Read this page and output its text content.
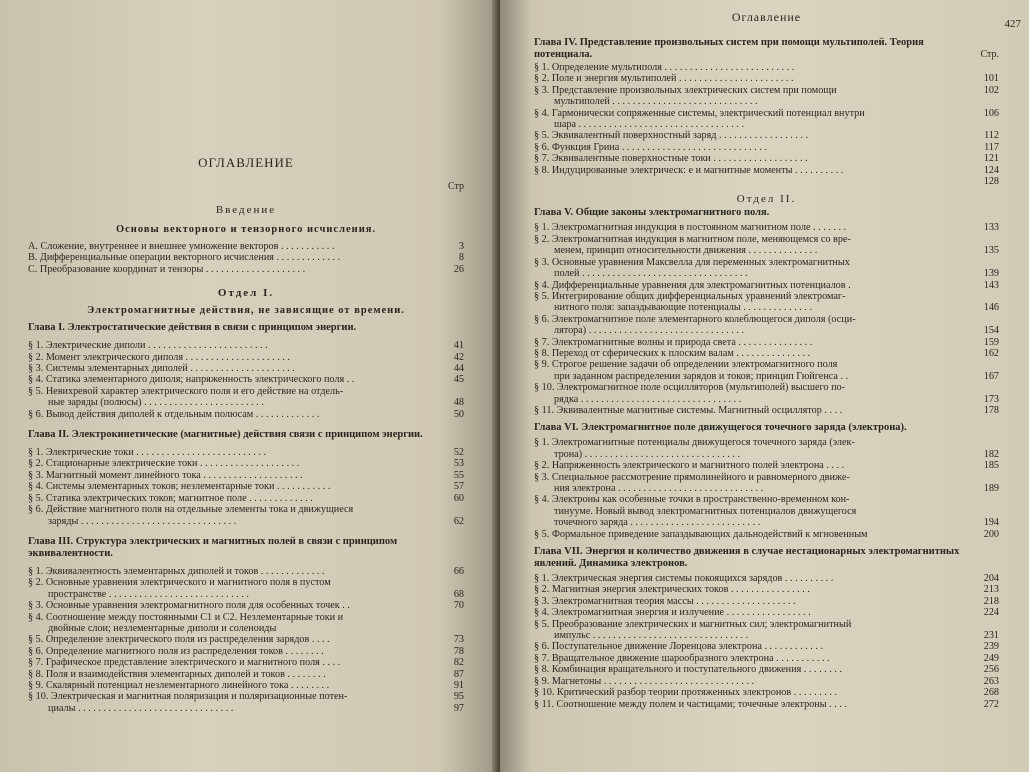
ОГЛАВЛЕНИЕ
Стр
Введение
Основы векторного и тензорного исчисления.
A. Сложение, внутреннее и внешнее умножение векторов . . . . . . . . . . .	3
B. Дифференциальные операции векторного исчисления . . . . . . . . . . . . .	8
C. Преобразование координат и тензоры . . . . . . . . . . . . . . . . . . . .	26
Отдел I.
Электромагнитные действия, не зависящие от времени.
Глава I. Электростатические действия в связи с принципом энергии.
§ 1. Электрические диполи . . . . . . . . . . . . . . . . . . . . . . . .	41
§ 2. Момент электрического диполя . . . . . . . . . . . . . . . . . . . . .	42
§ 3. Системы элементарных диполей . . . . . . . . . . . . . . . . . . . . .	44
§ 4. Статика элементарного диполя; напряженность электрического поля . .	45
§ 5. Невихревой характер электрического поля и его действие на отдель-
ные заряды (полюсы) . . . . . . . . . . . . . . . . . . . . . . . .	48
§ 6. Вывод действия диполей к отдельным полюсам . . . . . . . . . . . . .	50
Глава II. Электрокинетические (магнитные) действия связи с принципом энергии.
§ 1. Электрические токи . . . . . . . . . . . . . . . . . . . . . . . . . .	52
§ 2. Стационарные электрические токи . . . . . . . . . . . . . . . . . . . .	53
§ 3. Магнитный момент линейного тока . . . . . . . . . . . . . . . . . . . .	55
§ 4. Системы элементарных токов; незлементарные токи . . . . . . . . . . .	57
§ 5. Статика электрических токов; магнитное поле . . . . . . . . . . . . .	60
§ 6. Действие магнитного поля на отдельные элементы тока и движущиеся
заряды . . . . . . . . . . . . . . . . . . . . . . . . . . . . . . .	62
Глава III. Структура электрических и магнитных полей в связи с принципом эквивалентности.
§ 1. Эквивалентность элементарных диполей и токов . . . . . . . . . . . . .	66
§ 2. Основные уравнения электрического и магнитного поля в пустом
пространстве . . . . . . . . . . . . . . . . . . . . . . . . . . . .	68
§ 3. Основные уравнения электромагнитного поля для особенных точек . .	70
§ 4. Соотношение между постоянными C1 и C2. Незлементарные токи и
двойные слои; незлементарные диполи и соленоиды
§ 5. Определение электрического поля из распределения зарядов . . . .	73
§ 6. Определение магнитного поля из распределения токов . . . . . . . .	78
§ 7. Графическое представление электрического и магнитного поля . . . .	82
§ 8. Поля и взаимодействия элементарных диполей и токов . . . . . . . .	87
§ 9. Скалярный потенциал незлементарного линейного тока . . . . . . . .	91
§ 10. Электрическая и магнитная поляризация и поляризационные потен-	95
циалы . . . . . . . . . . . . . . . . . . . . . . . . . . . . . . .	97
Оглавление	427
Глава IV. Представление произвольных систем при помощи мультиполей. Теория потенциала.	Стр.
§ 1. Определение мультиполя . . . . . . . . . . . . . . . . . . . . . . . . . .
§ 2. Поле и энергия мультиполей . . . . . . . . . . . . . . . . . . . . . . .	101
§ 3. Представление произвольных электрических систем при помощи	102
мультиполей . . . . . . . . . . . . . . . . . . . . . . . . . . . . .
§ 4. Гармонически сопряженные системы, электрический потенциал внутри	106
шара . . . . . . . . . . . . . . . . . . . . . . . . . . . . . . . . .
§ 5. Эквивалентный поверхностный заряд . . . . . . . . . . . . . . . . . .	112
§ 6. Функция Грина . . . . . . . . . . . . . . . . . . . . . . . . . . . . .	117
§ 7. Эквивалентные поверхностные токи . . . . . . . . . . . . . . . . . . .	121
§ 8. Индуцированные электрическ: е и магнитные моменты . . . . . . . . . .	124
128
Отдел II.
Глава V. Общие законы электромагнитного поля.
§ 1. Электромагнитная индукция в постоянном магнитном поле . . . . . . .	133
§ 2. Электромагнитная индукция в магнитном поле, меняющемся со вре-
менем, принцип относительности движения . . . . . . . . . . . . . .	135
§ 3. Основные уравнения Максвелла для переменных электромагнитных
полей . . . . . . . . . . . . . . . . . . . . . . . . . . . . . . . . .	139
§ 4. Дифференциальные уравнения для электромагнитных потенциалов .	143
§ 5. Интегрирование общих дифференциальных уравнений электромаг-
нитного поля: запаздывающие потенциалы . . . . . . . . . . . . . .	146
§ 6. Электромагнитное поле элементарного колеблющегося диполя (осци-
лятора) . . . . . . . . . . . . . . . . . . . . . . . . . . . . . . .	154
§ 7. Электромагнитные волны и природа света . . . . . . . . . . . . . . .	159
§ 8. Переход от сферических к плоским валам . . . . . . . . . . . . . . .	162
§ 9. Строгое решение задачи об определении электромагнитного поля
при заданном распределении зарядов и токов; принцип Гюйгенса . .	167
§ 10. Электромагнитное поле осцилляторов (мультиполей) высшего по-
рядка . . . . . . . . . . . . . . . . . . . . . . . . . . . . . . . .	173
§ 11. Эквивалентные магнитные системы. Магнитный осциллятор . . . .	178
Глава VI. Электромагнитное поле движущегося точечного заряда (электрона).
§ 1. Электромагнитные потенциалы движущегося точечного заряда (элек-
трона) . . . . . . . . . . . . . . . . . . . . . . . . . . . . . . .	182
§ 2. Напряженность электрического и магнитного полей электрона . . . .	185
§ 3. Специальное рассмотрение прямолинейного и равномерного движе-
ния электрона . . . . . . . . . . . . . . . . . . . . . . . . . . . . .	189
§ 4. Электроны как особенные точки в пространственно-временном кон-
тинууме. Новый вывод электромагнитных потенциалов движущегося
точечного заряда . . . . . . . . . . . . . . . . . . . . . . . . . .	194
§ 5. Формальное приведение запаздывающих дальнодействий к мгновенным	200
Глава VII. Энергия и количество движения в случае нестационарных электромагнитных явлений. Динамика электронов.
§ 1. Электрическая энергия системы покоящихся зарядов . . . . . . . . . .	204
§ 2. Магнитная энергия электрических токов . . . . . . . . . . . . . . . .	213
§ 3. Электромагнитная теория массы . . . . . . . . . . . . . . . . . . . .	218
§ 4. Электромагнитная энергия и излучение . . . . . . . . . . . . . . . . .	224
§ 5. Преобразование электрических и магнитных сил; электромагнитный
импульс . . . . . . . . . . . . . . . . . . . . . . . . . . . . . . .	231
§ 6. Поступательное движение Лоренцова электрона . . . . . . . . . . . .	239
§ 7. Вращательное движение шарообразного электрона . . . . . . . . . . .	249
§ 8. Комбинация вращательного и поступательного движения . . . . . . . .	256
§ 9. Магнетоны . . . . . . . . . . . . . . . . . . . . . . . . . . . . . .	263
§ 10. Критический разбор теории протяженных электронов . . . . . . . . .	268
§ 11. Соотношение между полем и частицами; точечные электроны . . . .	272
